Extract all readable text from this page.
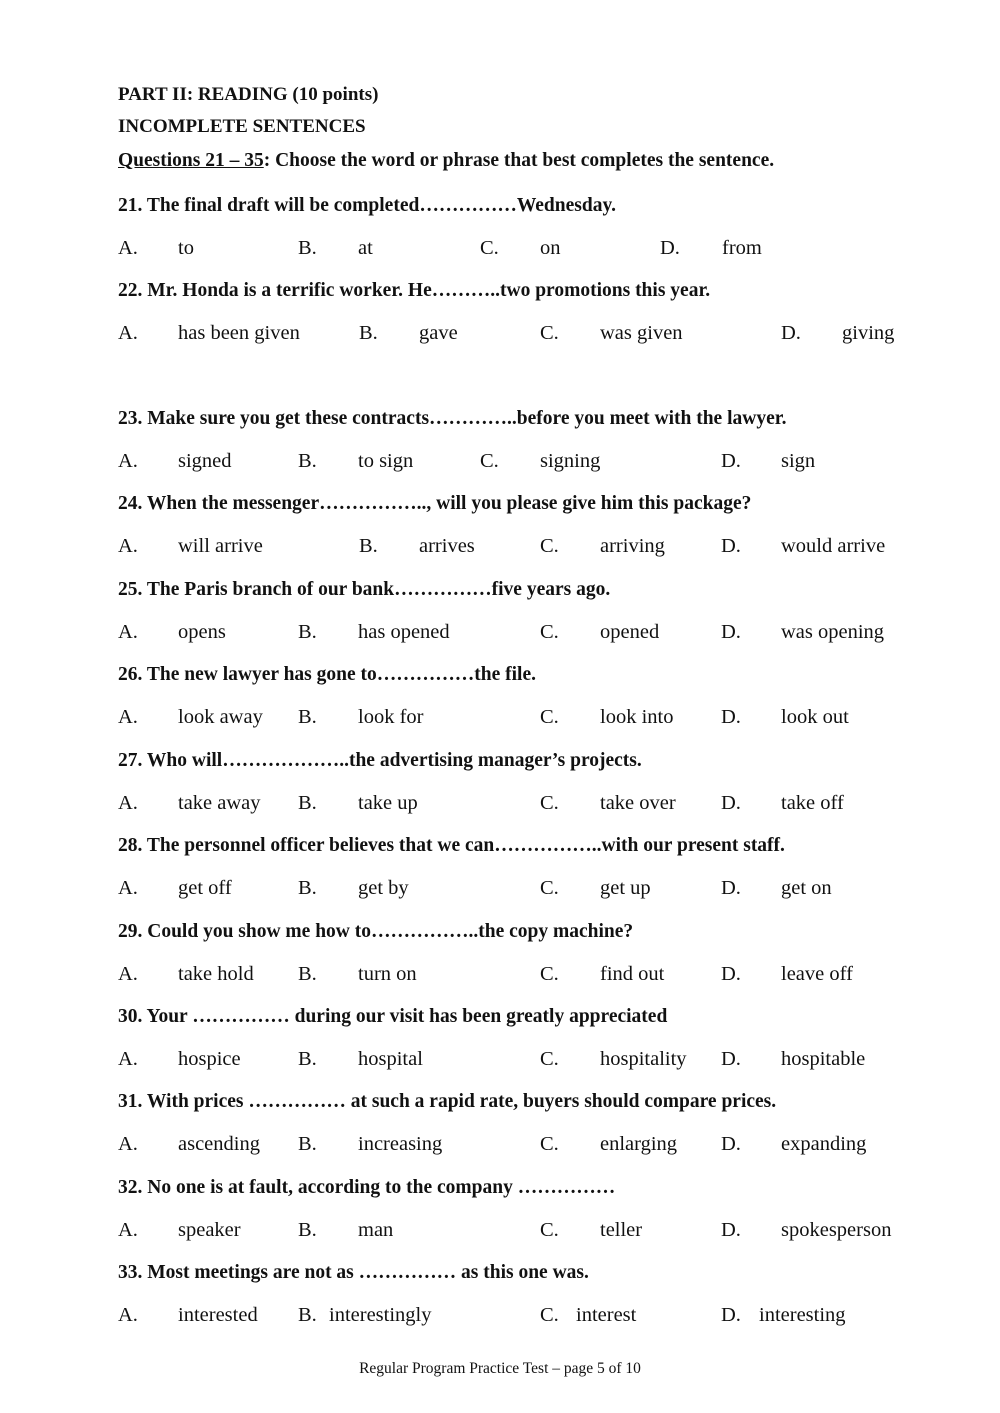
PART II: READING (10 points)
INCOMPLETE SENTENCES
Questions 21 – 35: Choose the word or phrase that best completes the sentence.
21. The final draft will be completed……………Wednesday.
A. to	B. at	C. on	D. from
22. Mr. Honda is a terrific worker. He………..two promotions this year.
A. has been given	B. gave	C. was given	D. giving
23. Make sure you get these contracts…………..before you meet with the lawyer.
A. signed	B. to sign	C. signing	D. sign
24. When the messenger…………….., will you please give him this package?
A. will arrive	B. arrives	C. arriving	D. would arrive
25. The Paris branch of our bank……………five years ago.
A. opens	B. has opened	C. opened	D. was opening
26. The new lawyer has gone to……………the file.
A. look away B. look for	C. look into D. look out
27. Who will………………..the advertising manager’s projects.
A. take away B. take up	C. take over D. take off
28. The personnel officer believes that we can……………..with our present staff.
A. get off	B. get by	C. get up	D. get on
29. Could you show me how to……………..the copy machine?
A. take hold B. turn on	C. find out	D. leave off
30. Your …………… during our visit has been greatly appreciated
A. hospice	B. hospital	C. hospitality D. hospitable
31. With prices …………… at such a rapid rate, buyers should compare prices.
A. ascending B. increasing	C. enlarging D. expanding
32. No one is at fault, according to the company ……………
A. speaker	B. man	C. teller	D. spokesperson
33. Most meetings are not as …………… as this one was.
A. interested B. interestingly	C. interest	D. interesting
Regular Program Practice Test – page 5 of 10
